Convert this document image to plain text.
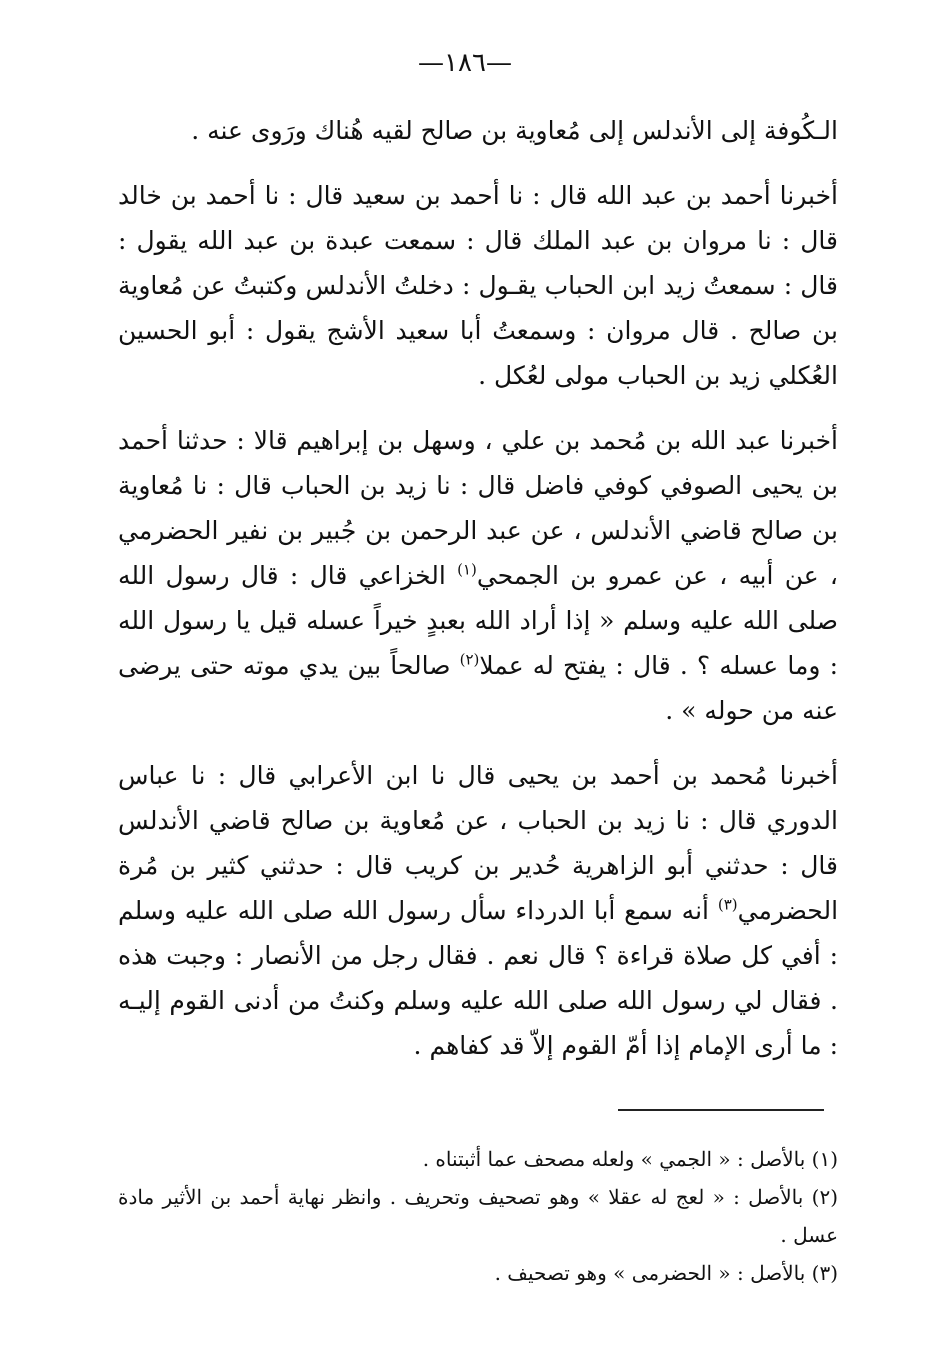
—١٨٦—

الـكُوفة إلى الأندلس إلى مُعاوية بن صالح لقيه هُناك ورَوى عنه .

أخبرنا أحمد بن عبد الله قال : نا أحمد بن سعيد قال : نا أحمد بن خالد قال : نا مروان بن عبد الملك قال : سمعت عبدة بن عبد الله يقول : قال : سمعتُ زيد ابن الحباب يقـول : دخلتُ الأندلس وكتبتُ عن مُعاوية بن صالح . قال مروان : وسمعتُ أبا سعيد الأشج يقول : أبو الحسين العُكلي زيد بن الحباب مولى لعُكل .

أخبرنا عبد الله بن مُحمد بن علي ، وسهل بن إبراهيم قالا : حدثنا أحمد بن يحيى الصوفي كوفي فاضل قال : نا زيد بن الحباب قال : نا مُعاوية بن صالح قاضي الأندلس ، عن عبد الرحمن بن جُبير بن نفير الحضرمي ، عن أبيه ، عن عمرو بن الجمحي$^{(١)}$ الخزاعي قال : قال رسول الله صلى الله عليه وسلم « إذا أراد الله بعبدٍ خيراً عسله قيل يا رسول الله : وما عسله ؟ . قال : يفتح له عملا$^{(٢)}$ صالحاً بين يدي موته حتى يرضى عنه من حوله » .

أخبرنا مُحمد بن أحمد بن يحيى قال نا ابن الأعرابي قال : نا عباس الدوري قال : نا زيد بن الحباب ، عن مُعاوية بن صالح قاضي الأندلس قال : حدثني أبو الزاهرية حُدير بن كريب قال : حدثني كثير بن مُرة الحضرمي$^{(٣)}$ أنه سمع أبا الدرداء سأل رسول الله صلى الله عليه وسلم : أفي كل صلاة قراءة ؟ قال نعم . فقال رجل من الأنصار : وجبت هذه . فقال لي رسول الله صلى الله عليه وسلم وكنتُ من أدنى القوم إليـه : ما أرى الإمام إذا أمّ القوم إلاّ قد كفاهم .

(١) بالأصل : « الجمي » ولعله مصحف عما أثبتناه .

(٢) بالأصل : « لعج له عقلا » وهو تصحيف وتحريف . وانظر نهاية أحمد بن الأثير مادة عسل .

(٣) بالأصل : « الحضرمى » وهو تصحيف .
